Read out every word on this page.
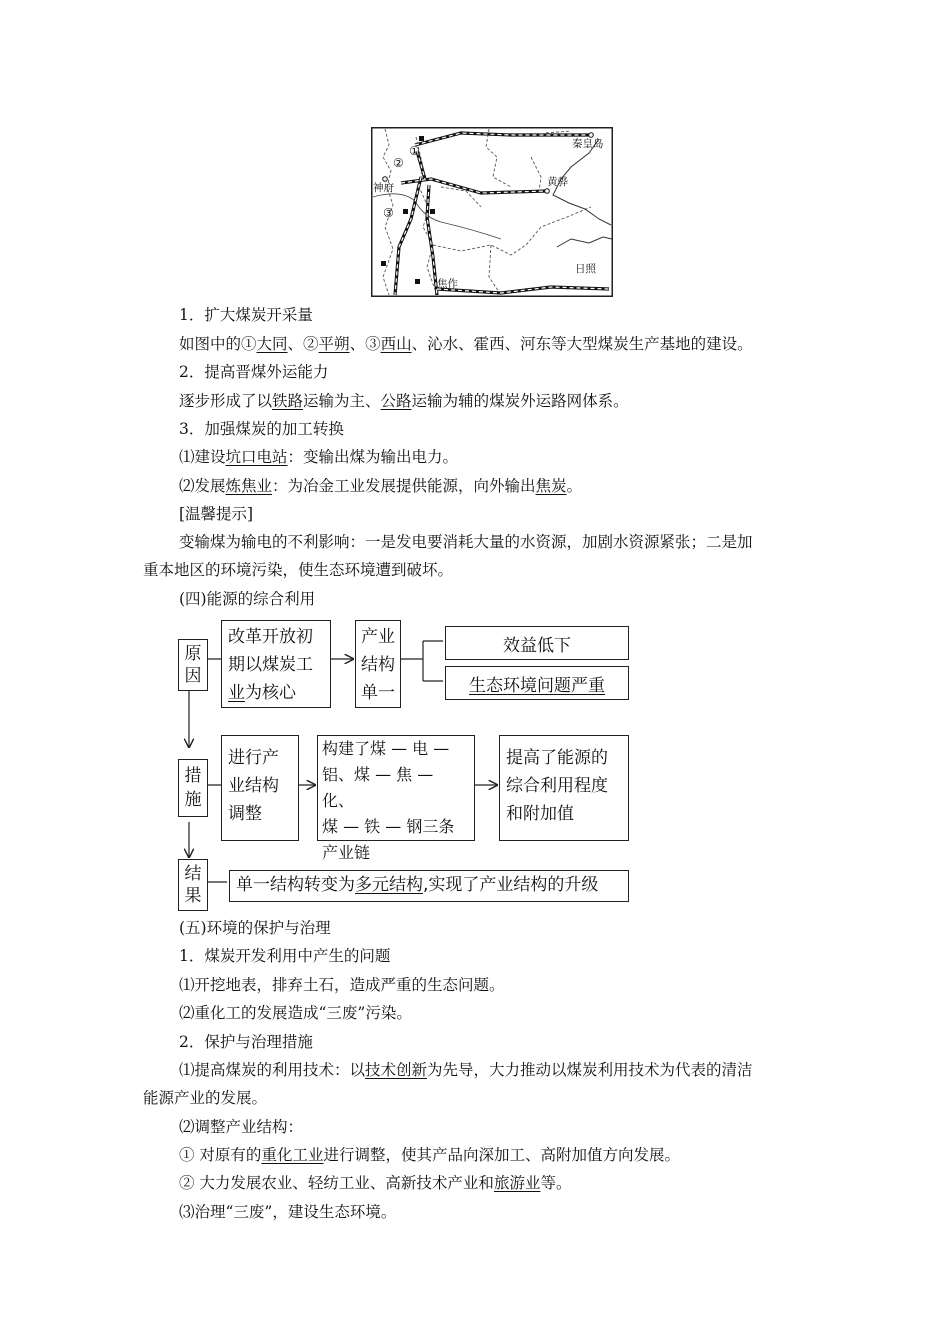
秦皇岛
黄骅
神府
焦作
日照
①
②
③
1．扩大煤炭开采量
如图中的①大同、②平朔、③西山、沁水、霍西、河东等大型煤炭生产基地的建设。
2．提高晋煤外运能力
逐步形成了以铁路运输为主、公路运输为辅的煤炭外运路网体系。
3．加强煤炭的加工转换
⑴建设坑口电站：变输出煤为输出电力。
⑵发展炼焦业：为冶金工业发展提供能源，向外输出焦炭。
[温馨提示]
变输煤为输电的不利影响：一是发电要消耗大量的水资源，加剧水资源紧张；二是加
重本地区的环境污染，使生态环境遭到破坏。
(四)能源的综合利用
原
因
改革开放初
期以煤炭工
业为核心
产业
结构
单一
效益低下
生态环境问题严重
措
施
进行产
业结构
调整
构建了煤 — 电 —
铝、煤 — 焦 — 化、
煤 — 铁 — 钢三条
产业链
提高了能源的
综合利用程度
和附加值
结
果
单一结构转变为多元结构,实现了产业结构的升级
(五)环境的保护与治理
1．煤炭开发利用中产生的问题
⑴开挖地表，排弃土石，造成严重的生态问题。
⑵重化工的发展造成“三废”污染。
2．保护与治理措施
⑴提高煤炭的利用技术：以技术创新为先导，大力推动以煤炭利用技术为代表的清洁
能源产业的发展。
⑵调整产业结构：
① 对原有的重化工业进行调整，使其产品向深加工、高附加值方向发展。
② 大力发展农业、轻纺工业、高新技术产业和旅游业等。
⑶治理“三废”，建设生态环境。
